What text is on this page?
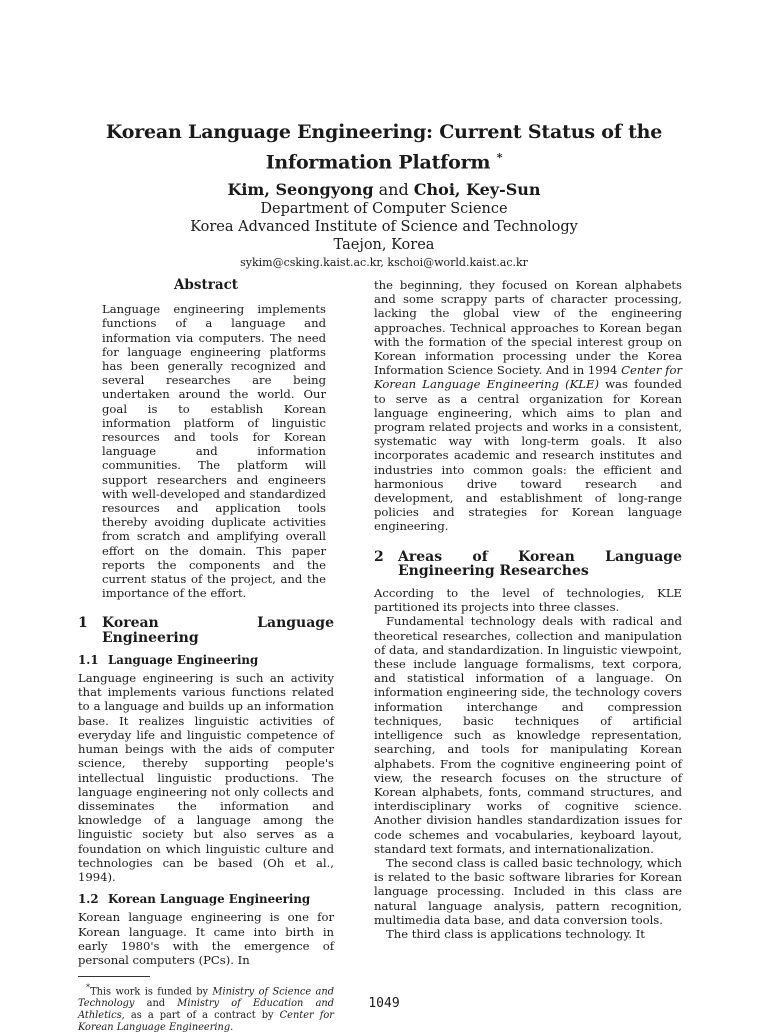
Korean Language Engineering: Current Status of the Information Platform *
Kim, Seongyong and Choi, Key-Sun
Department of Computer Science
Korea Advanced Institute of Science and Technology
Taejon, Korea
sykim@csking.kaist.ac.kr, kschoi@world.kaist.ac.kr
Abstract

Language engineering implements functions of a language and information via computers. The need for language engineering platforms has been generally recognized and several researches are being undertaken around the world. Our goal is to establish Korean information platform of linguistic resources and tools for Korean language and information communities. The platform will support researchers and engineers with well-developed and standardized resources and application tools thereby avoiding duplicate activities from scratch and amplifying overall effort on the domain. This paper reports the components and the current status of the project, and the importance of the effort.

1	Korean Language Engineering
1.1 Language Engineering

Language engineering is such an activity that implements various functions related to a language and builds up an information base. It realizes linguistic activities of everyday life and linguistic competence of human beings with the aids of computer science, thereby supporting people's intellectual linguistic productions. The language engineering not only collects and disseminates the information and knowledge of a language among the linguistic society but also serves as a foundation on which linguistic culture and technologies can be based (Oh et al., 1994).

1.2 Korean Language Engineering

Korean language engineering is one for Korean language. It came into birth in early 1980's with the emergence of personal computers (PCs). In

*This work is funded by Ministry of Science and Technology and Ministry of Education and Athletics, as a part of a contract by Center for Korean Language Engineering.

the beginning, they focused on Korean alphabets and some scrappy parts of character processing, lacking the global view of the engineering approaches. Technical approaches to Korean began with the formation of the special interest group on Korean information processing under the Korea Information Science Society. And in 1994 Center for Korean Language Engineering (KLE) was founded to serve as a central organization for Korean language engineering, which aims to plan and program related projects and works in a consistent, systematic way with long-term goals. It also incorporates academic and research institutes and industries into common goals: the efficient and harmonious drive toward research and development, and establishment of long-range policies and strategies for Korean language engineering.

2	Areas of Korean Language Engineering Researches

According to the level of technologies, KLE partitioned its projects into three classes.

Fundamental technology deals with radical and theoretical researches, collection and manipulation of data, and standardization. In linguistic viewpoint, these include language formalisms, text corpora, and statistical information of a language. On information engineering side, the technology covers information interchange and compression techniques, basic techniques of artificial intelligence such as knowledge representation, searching, and tools for manipulating Korean alphabets. From the cognitive engineering point of view, the research focuses on the structure of Korean alphabets, fonts, command structures, and interdisciplinary works of cognitive science. Another division handles standardization issues for code schemes and vocabularies, keyboard layout, standard text formats, and internationalization.

The second class is called basic technology, which is related to the basic software libraries for Korean language processing. Included in this class are natural language analysis, pattern recognition, multimedia data base, and data conversion tools.

The third class is applications technology. It

1049
